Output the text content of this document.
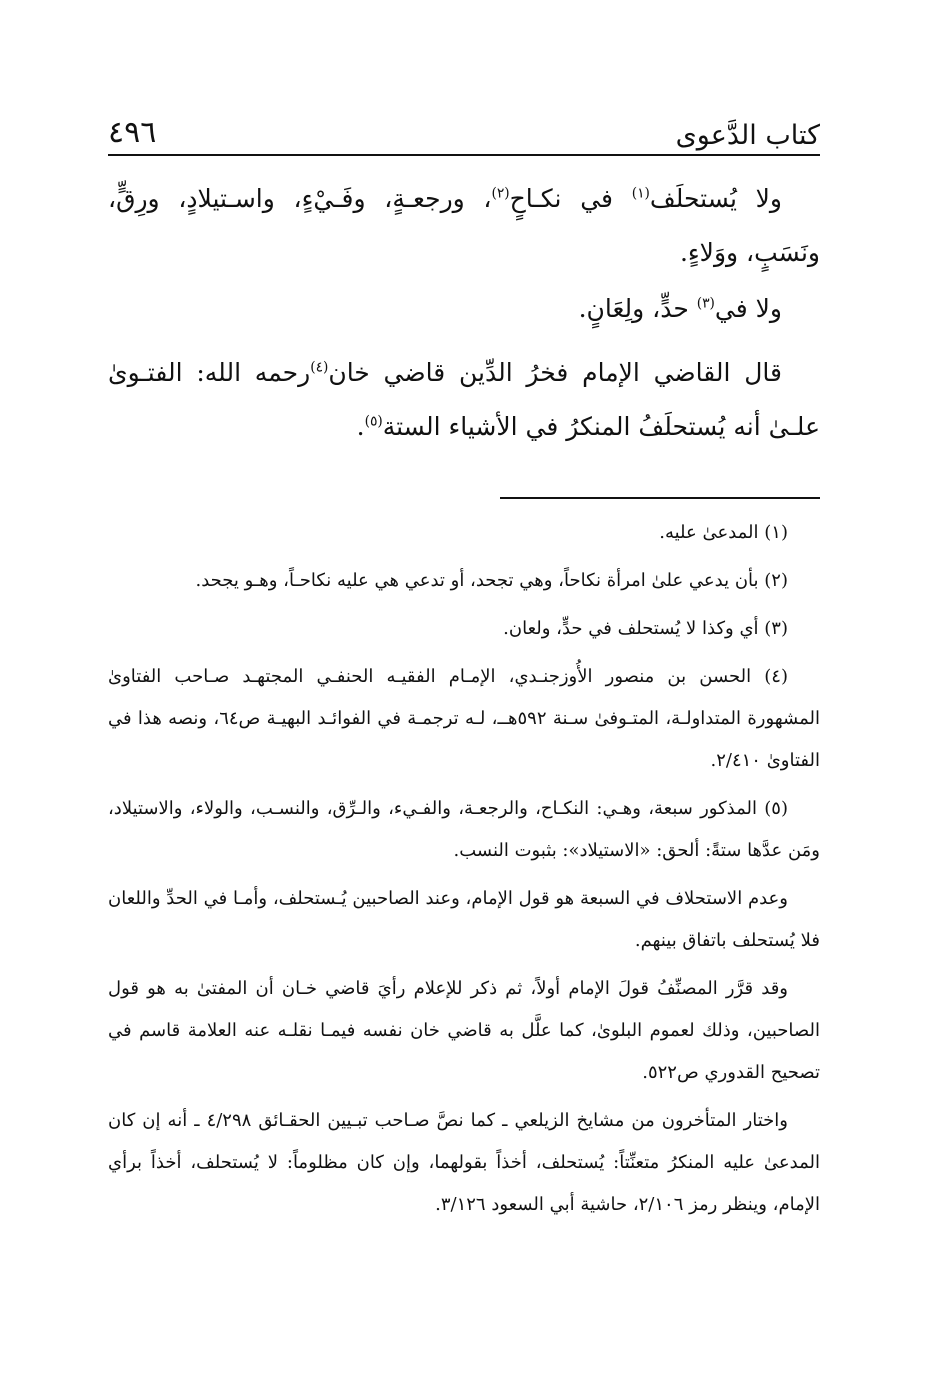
٤٩٦	كتاب الدَّعوى

ولا يُستحلَف$^{(١)}$ في نكـاحٍ$^{(٢)}$، ورجعـةٍ، وفَـيْءٍ، واسـتيلادٍ، ورِقٍّ، ونَسَبٍ، ووَلاءٍ.

ولا في$^{(٣)}$ حدٍّ، ولِعَانٍ.

قال القاضي الإمام فخرُ الدِّين قاضي خان$^{(٤)}$رحمه الله: الفتـوىٰ علـىٰ أنه يُستحلَفُ المنكرُ في الأشياء الستة$^{(٥)}$.

(١) المدعىٰ عليه.

(٢) بأن يدعي علىٰ امرأة نكاحاً، وهي تجحد، أو تدعي هي عليه نكاحـاً، وهـو يجحد.

(٣) أي وكذا لا يُستحلف في حدٍّ، ولعان.

(٤) الحسن بن منصور الأُوزجنـدي، الإمـام الفقيـه الحنفـي المجتهـد صـاحب الفتاوىٰ المشهورة المتداولـة، المتـوفىٰ سـنة ٥٩٢هــ، لـه ترجمـة في الفوائـد البهيـة ص٦٤، ونصه هذا في الفتاوىٰ ٢/٤١٠.

(٥) المذكور سبعة، وهـي: النكـاح، والرجعـة، والفـيء، والـرِّق، والنسـب، والولاء، والاستيلاد، ومَن عدَّها ستةً: ألحق: «الاستيلاد»: بثبوت النسب.

وعدم الاستحلاف في السبعة هو قول الإمام، وعند الصاحبين يُـستحلف، وأمـا في الحدِّ واللعان فلا يُستحلف باتفاق بينهم.

وقد قرَّر المصنِّفُ قولَ الإمام أولاً، ثم ذكر للإعلام رأيَ قاضي خـان أن المفتىٰ به هو قول الصاحبين، وذلك لعموم البلوىٰ، كما علَّل به قاضي خان نفسه فيمـا نقلـه عنه العلامة قاسم في تصحيح القدوري ص٥٢٢.

واختار المتأخرون من مشايخ الزيلعي ـ كما نصَّ صـاحب تبـيين الحقـائق ٤/٢٩٨ ـ أنه إن كان المدعىٰ عليه المنكرُ متعنِّتاً: يُستحلف، أخذاً بقولهما، وإن كان مظلوماً: لا يُستحلف، أخذاً برأي الإمام، وينظر رمز ٢/١٠٦، حاشية أبي السعود ٣/١٢٦.
